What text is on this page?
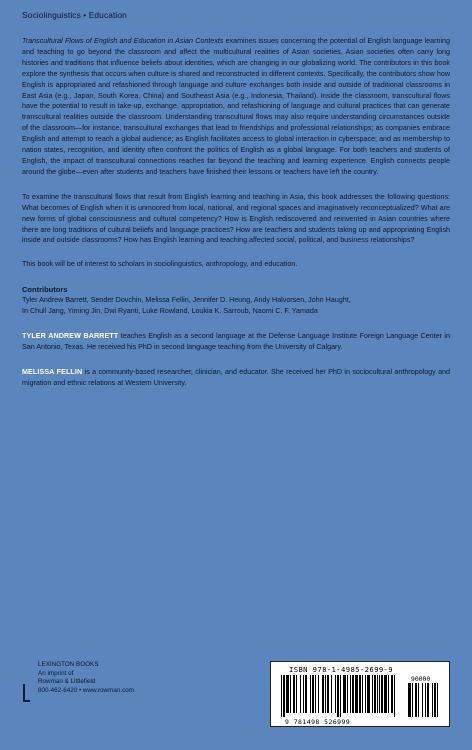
Sociolinguistics • Education

Transcultural Flows of English and Education in Asian Contexts examines issues concerning the potential of English language learning and teaching to go beyond the classroom and affect the multicultural realities of Asian societies. Asian societies often carry long histories and traditions that influence beliefs about identities, which are changing in our globalizing world. The contributors in this book explore the synthesis that occurs when culture is shared and reconstructed in different contexts. Specifically, the contributors show how English is appropriated and refashioned through language and culture exchanges both inside and outside of traditional classrooms in East Asia (e.g., Japan, South Korea, China) and Southeast Asia (e.g., Indonesia, Thailand). Inside the classroom, transcultural flows have the potential to result in take-up, exchange, appropriation, and refashioning of language and cultural practices that can generate transcultural realities outside the classroom. Understanding transcultural flows may also require understanding circumstances outside of the classroom—for instance, transcultural exchanges that lead to friendships and professional relationships; as companies embrace English and attempt to reach a global audience; as English facilitates access to global interaction in cyberspace; and as membership to nation states, recognition, and identity often confront the politics of English as a global language. For both teachers and students of English, the impact of transcultural connections reaches far beyond the teaching and learning experience. English connects people around the globe—even after students and teachers have finished their lessons or teachers have left the country.

To examine the transcultural flows that result from English learning and teaching in Asia, this book addresses the following questions: What becomes of English when it is unmoored from local, national, and regional spaces and imaginatively reconceptualized? What are new forms of global consciousness and cultural competency? How is English rediscovered and reinvented in Asian countries where there are long traditions of cultural beliefs and language practices? How are teachers and students taking up and appropriating English inside and outside classrooms? How has English learning and teaching affected social, political, and business relationships?

This book will be of interest to scholars in sociolinguistics, anthropology, and education.

Contributors
Tyler Andrew Barrett, Sender Dovchin, Melissa Fellin, Jennifer D. Heung, Andy Halvorsen, John Haught,
In Chull Jang, Yiming Jin, Dwi Ryanti, Luke Rowland, Loukia K. Sarroub, Naomi C. F. Yamada

TYLER ANDREW BARRETT teaches English as a second language at the Defense Language Institute Foreign Language Center in San Antonio, Texas. He received his PhD in second language teaching from the University of Calgary.

MELISSA FELLIN is a community-based researcher, clinician, and educator. She received her PhD in sociocultural anthropology and migration and ethnic relations at Western University.

LEXINGTON BOOKS
An imprint of
Rowman & Littlefield
800-462-6420 • www.rowman.com
ISBN 978-1-4985-2699-9
90000
9 781498 526999
